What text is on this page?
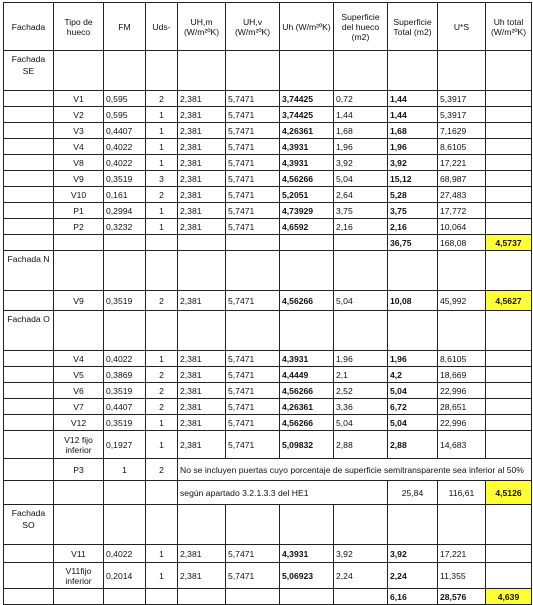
Fachada	Tipo de hueco	FM	Uds-	UH,m (W/m²ºK)	UH,v (W/m²ºK)	Uh (W/m²ºK)	Superficie del hueco (m2)	Superficie Total (m2)	U*S	Uh total (W/m²ºK)
Fachada SE										
	V1	0,595	2	2,381	5,7471	3,74425	0,72	1,44	5,3917	
	V2	0,595	1	2,381	5,7471	3,74425	1,44	1,44	5,3917	
	V3	0,4407	1	2,381	5,7471	4,26361	1,68	1,68	7,1629	
	V4	0,4022	1	2,381	5,7471	4,3931	1,96	1,96	8,6105	
	V8	0,4022	1	2,381	5,7471	4,3931	3,92	3,92	17,221	
	V9	0,3519	3	2,381	5,7471	4,56266	5,04	15,12	68,987	
	V10	0,161	2	2,381	5,7471	5,2051	2,64	5,28	27,483	
	P1	0,2994	1	2,381	5,7471	4,73929	3,75	3,75	17,772	
	P2	0,3232	1	2,381	5,7471	4,6592	2,16	2,16	10,064	
								36,75	168,08	4,5737
Fachada N										
	V9	0,3519	2	2,381	5,7471	4,56266	5,04	10,08	45,992	4,5627
Fachada O										
	V4	0,4022	1	2,381	5,7471	4,3931	1,96	1,96	8,6105	
	V5	0,3869	2	2,381	5,7471	4,4449	2,1	4,2	18,669	
	V6	0,3519	2	2,381	5,7471	4,56266	2,52	5,04	22,996	
	V7	0,4407	2	2,381	5,7471	4,26361	3,36	6,72	28,651	
	V12	0,3519	1	2,381	5,7471	4,56266	5,04	5,04	22,996	
	V12 fijo inferior	0,1927	1	2,381	5,7471	5,09832	2,88	2,88	14,683	
	P3	1	2	No se incluyen puertas cuyo porcentaje de superficie semitransparente sea inferior al 50%						
				según apartado 3.2.1.3.3 del HE1				25,84	116,61	4,5126
Fachada SO										
	V11	0,4022	1	2,381	5,7471	4,3931	3,92	3,92	17,221	
	V11fijo inferior	0,2014	1	2,381	5,7471	5,06923	2,24	2,24	11,355	
								6,16	28,576	4,639
